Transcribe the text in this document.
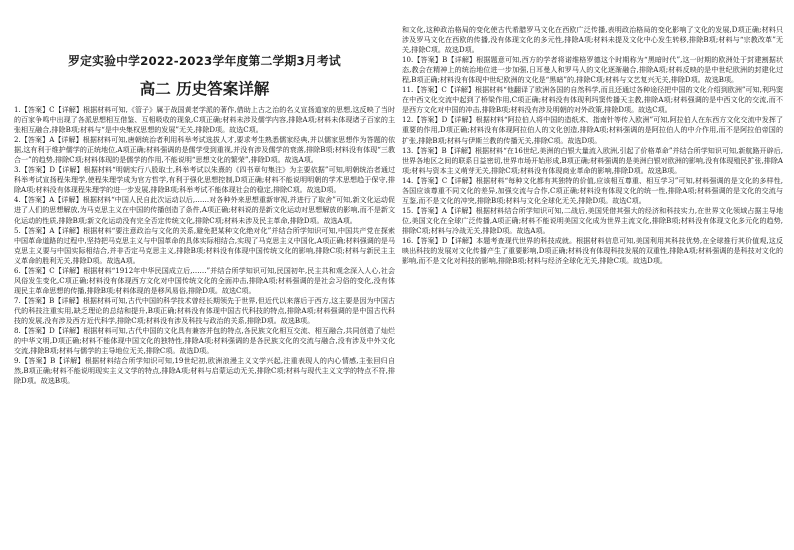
罗定实验中学2022-2023学年度第二学期3月考试
高二 历史答案详解

1.【答案】C【详解】根据材料可知,《管子》属于战国黄老学派的著作,借助上古之治的名义宣扬道家的思想,这反映了当时的百家争鸣中出现了各派思想相互借鉴、互相吸收的现象,C项正确;材料未涉及儒学内容,排除A项;材料未体现诸子百家的主张相互融合,排除B项;材料与“是中央集权思想的发展”无关,排除D项。故选C项。

2.【答案】A【详解】根据材料可知,唐朝统治者利用科举考试选拔人才,要求考生熟悉儒家经典,并以儒家思想作为答题的依据,这有利于维护儒学的正统地位,A项正确;材料强调的是儒学受到重视,并没有涉及儒学的衰落,排除B项;材料没有体现“三教合一”的趋势,排除C项;材料体现的是儒学的作用,不能说明“思想文化的繁荣”,排除D项。故选A项。

3.【答案】D【详解】根据材料“明朝实行八股取士,科举考试以朱熹的《四书章句集注》为主要依据”可知,明朝统治者通过科举考试宣扬程朱理学,使程朱理学成为官方哲学,有利于强化思想控制,D项正确;材料不能说明明朝的学术思想趋于保守,排除A项;材料没有体现程朱理学的进一步发展,排除B项;科举考试不能体现社会的稳定,排除C项。故选D项。

4.【答案】A【详解】根据材料“中国人民自此次运动以后,……对各种外来思想重新审视,并进行了取舍”可知,新文化运动促进了人们的思想解放,为马克思主义在中国的传播创造了条件,A项正确;材料说的是新文化运动对思想解放的影响,而不是新文化运动的性质,排除B项;新文化运动没有完全否定传统文化,排除C项;材料未涉及民主革命,排除D项。故选A项。

5.【答案】A【详解】根据材料“要注意政治与文化的关系,避免把某种文化绝对化”并结合所学知识可知,中国共产党在探索中国革命道路的过程中,坚持把马克思主义与中国革命的具体实际相结合,实现了马克思主义中国化,A项正确;材料强调的是马克思主义要与中国实际相结合,并非否定马克思主义,排除B项;材料没有体现中国传统文化的影响,排除C项;材料与新民主主义革命的胜利无关,排除D项。故选A项。

6.【答案】C【详解】根据材料“1912年中华民国成立后,……”并结合所学知识可知,民国初年,民主共和观念深入人心,社会风俗发生变化,C项正确;材料没有体现西方文化对中国传统文化的全面冲击,排除A项;材料强调的是社会习俗的变化,没有体现民主革命思想的传播,排除B项;材料体现的是移风易俗,排除D项。故选C项。

7.【答案】B【详解】根据材料可知,古代中国的科学技术曾经长期领先于世界,但近代以来落后于西方,这主要是因为中国古代的科技注重实用,缺乏理论的总结和提升,B项正确;材料没有体现中国古代科技的特点,排除A项;材料强调的是中国古代科技的发展,没有涉及西方近代科学,排除C项;材料没有涉及科技与政治的关系,排除D项。故选B项。

8.【答案】D【详解】根据材料可知,古代中国的文化具有兼容并包的特点,各民族文化相互交流、相互融合,共同创造了灿烂的中华文明,D项正确;材料不能体现中国文化的独特性,排除A项;材料强调的是各民族文化的交流与融合,没有涉及中外文化交流,排除B项;材料与儒学的主导地位无关,排除C项。故选D项。

9.【答案】B【详解】根据材料结合所学知识可知,19世纪初,欧洲浪漫主义文学兴起,注重表现人的内心情感,主张回归自然,B项正确;材料不能说明现实主义文学的特点,排除A项;材料与启蒙运动无关,排除C项;材料与现代主义文学的特点不符,排除D项。故选B项。

和文化,这种政治格局的变化使古代希腊罗马文化在西欧广泛传播,表明政治格局的变化影响了文化的发展,D项正确;材料只涉及罗马文化在西欧的传播,没有体现文化的多元性,排除A项;材料未提及文化中心发生转移,排除B项;材料与“宗教改革”无关,排除C项。故选D项。

10.【答案】B【详解】根据题意可知,西方的学者将诺维格罗德这个时期称为“黑暗时代”,这一时期的欧洲处于封建割据状态,教会在精神上的统治地位进一步加强,日耳曼人和罗马人的文化逐渐融合,排除A项;材料反映的是中世纪欧洲的封建化过程,B项正确;材料没有体现中世纪欧洲的文化是“黑暗”的,排除C项;材料与文艺复兴无关,排除D项。故选B项。

11.【答案】C【详解】根据材料“他翻译了欧洲各国的自然科学,而且还通过各种途径把中国的文化介绍到欧洲”可知,利玛窦在中西文化交流中起到了桥梁作用,C项正确;材料没有体现利玛窦传播天主教,排除A项;材料强调的是中西文化的交流,而不是西方文化对中国的冲击,排除B项;材料没有涉及明朝的对外政策,排除D项。故选C项。

12.【答案】D【详解】根据材料“阿拉伯人将中国的造纸术、指南针等传入欧洲”可知,阿拉伯人在东西方文化交流中发挥了重要的作用,D项正确;材料没有体现阿拉伯人的文化创造,排除A项;材料强调的是阿拉伯人的中介作用,而不是阿拉伯帝国的扩张,排除B项;材料与伊斯兰教的传播无关,排除C项。故选D项。

13.【答案】B【详解】根据材料“在16世纪,美洲的白银大量流入欧洲,引起了价格革命”并结合所学知识可知,新航路开辟后,世界各地区之间的联系日益密切,世界市场开始形成,B项正确;材料强调的是美洲白银对欧洲的影响,没有体现殖民扩张,排除A项;材料与资本主义萌芽无关,排除C项;材料没有体现商业革命的影响,排除D项。故选B项。

14.【答案】C【详解】根据材料“每种文化都有其独特的价值,应该相互尊重、相互学习”可知,材料强调的是文化的多样性,各国应该尊重不同文化的差异,加强交流与合作,C项正确;材料没有体现文化的统一性,排除A项;材料强调的是文化的交流与互鉴,而不是文化的冲突,排除B项;材料与文化全球化无关,排除D项。故选C项。

15.【答案】A【详解】根据材料结合所学知识可知,二战后,美国凭借其强大的经济和科技实力,在世界文化领域占据主导地位,美国文化在全球广泛传播,A项正确;材料不能说明美国文化成为世界主流文化,排除B项;材料没有体现文化多元化的趋势,排除C项;材料与冷战无关,排除D项。故选A项。

16.【答案】D【详解】本题考查现代世界的科技成就。根据材料信息可知,美国利用其科技优势,在全球推行其价值观,这反映出科技的发展对文化传播产生了重要影响,D项正确;材料没有体现科技发展的双重性,排除A项;材料强调的是科技对文化的影响,而不是文化对科技的影响,排除B项;材料与经济全球化无关,排除C项。故选D项。
